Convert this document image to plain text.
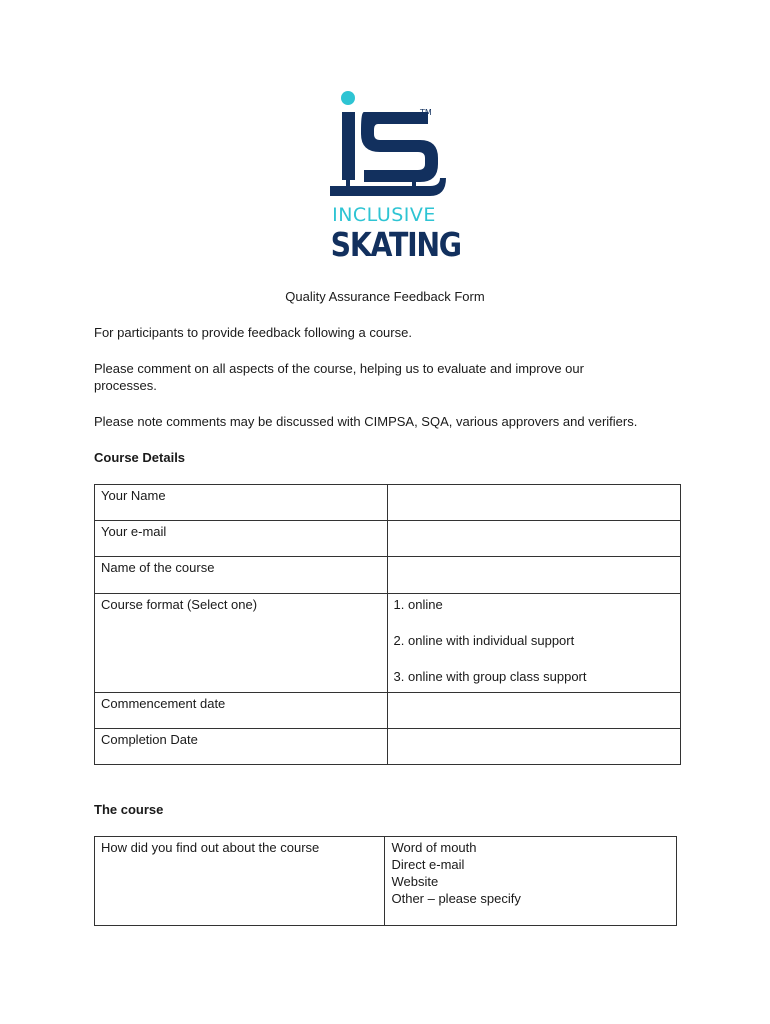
TM
INCLUSIVE
SKATING
Quality Assurance Feedback Form
For participants to provide feedback following a course.
Please comment on all aspects of the course, helping us to evaluate and improve our
processes.
Please note comments may be discussed with CIMPSA, SQA, various approvers and verifiers.
Course Details
Your Name	
Your e-mail	
Name of the course	
Course format (Select one)	1. online
2. online with individual support
3. online with group class support

Commencement date	
Completion Date	
The course
How did you find out about the course	Word of mouth
Direct e-mail
Website
Other – please specify
